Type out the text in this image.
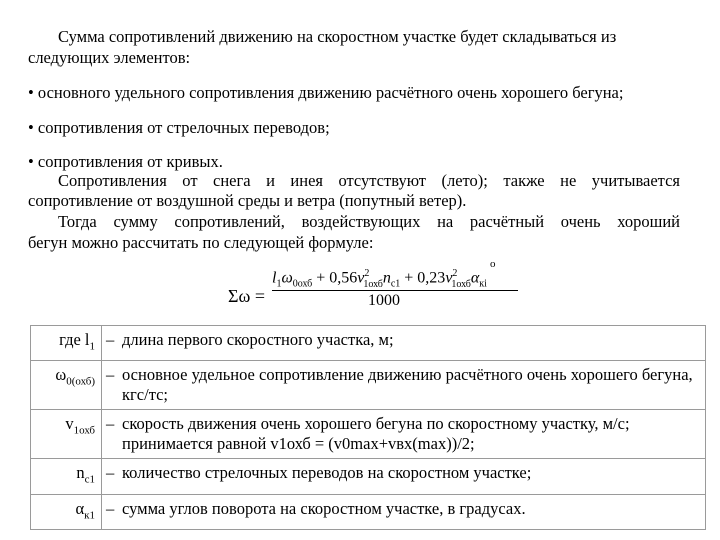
Сумма сопротивлений движению на скоростном участке будет складываться из
следующих элементов:
• основного удельного сопротивления движению расчётного очень хорошего бегуна;
• сопротивления от стрелочных переводов;
• сопротивления от кривых.
Сопротивления от снега и инея отсутствуют (лето); также не учитывается
сопротивление от воздушной среды и ветра (попутный ветер).
Тогда сумму сопротивлений, воздействующих на расчётный очень хороший
бегун можно рассчитать по следующей формуле:
Σω =
$l_1\omega_{0охб} + 0,56v^2_{1охб}n_{с1} + 0,23v^2_{1охб}\alpha_{кі}$
o
1000
где $l_1$	–	длина первого скоростного участка, м;
$\omega_{0(охб)}$	–	основное удельное сопротивление движению расчётного очень хорошего бегуна, кгс/тс;
$v_{1охб}$	–	скорость движения очень хорошего бегуна по скоростному участку, м/с; принимается равной v1охб = (v0max+vвх(max))/2;
$n_{с1}$	–	количество стрелочных переводов на скоростном участке;
$\alpha_{к1}$	–	сумма углов поворота на скоростном участке, в градусах.
